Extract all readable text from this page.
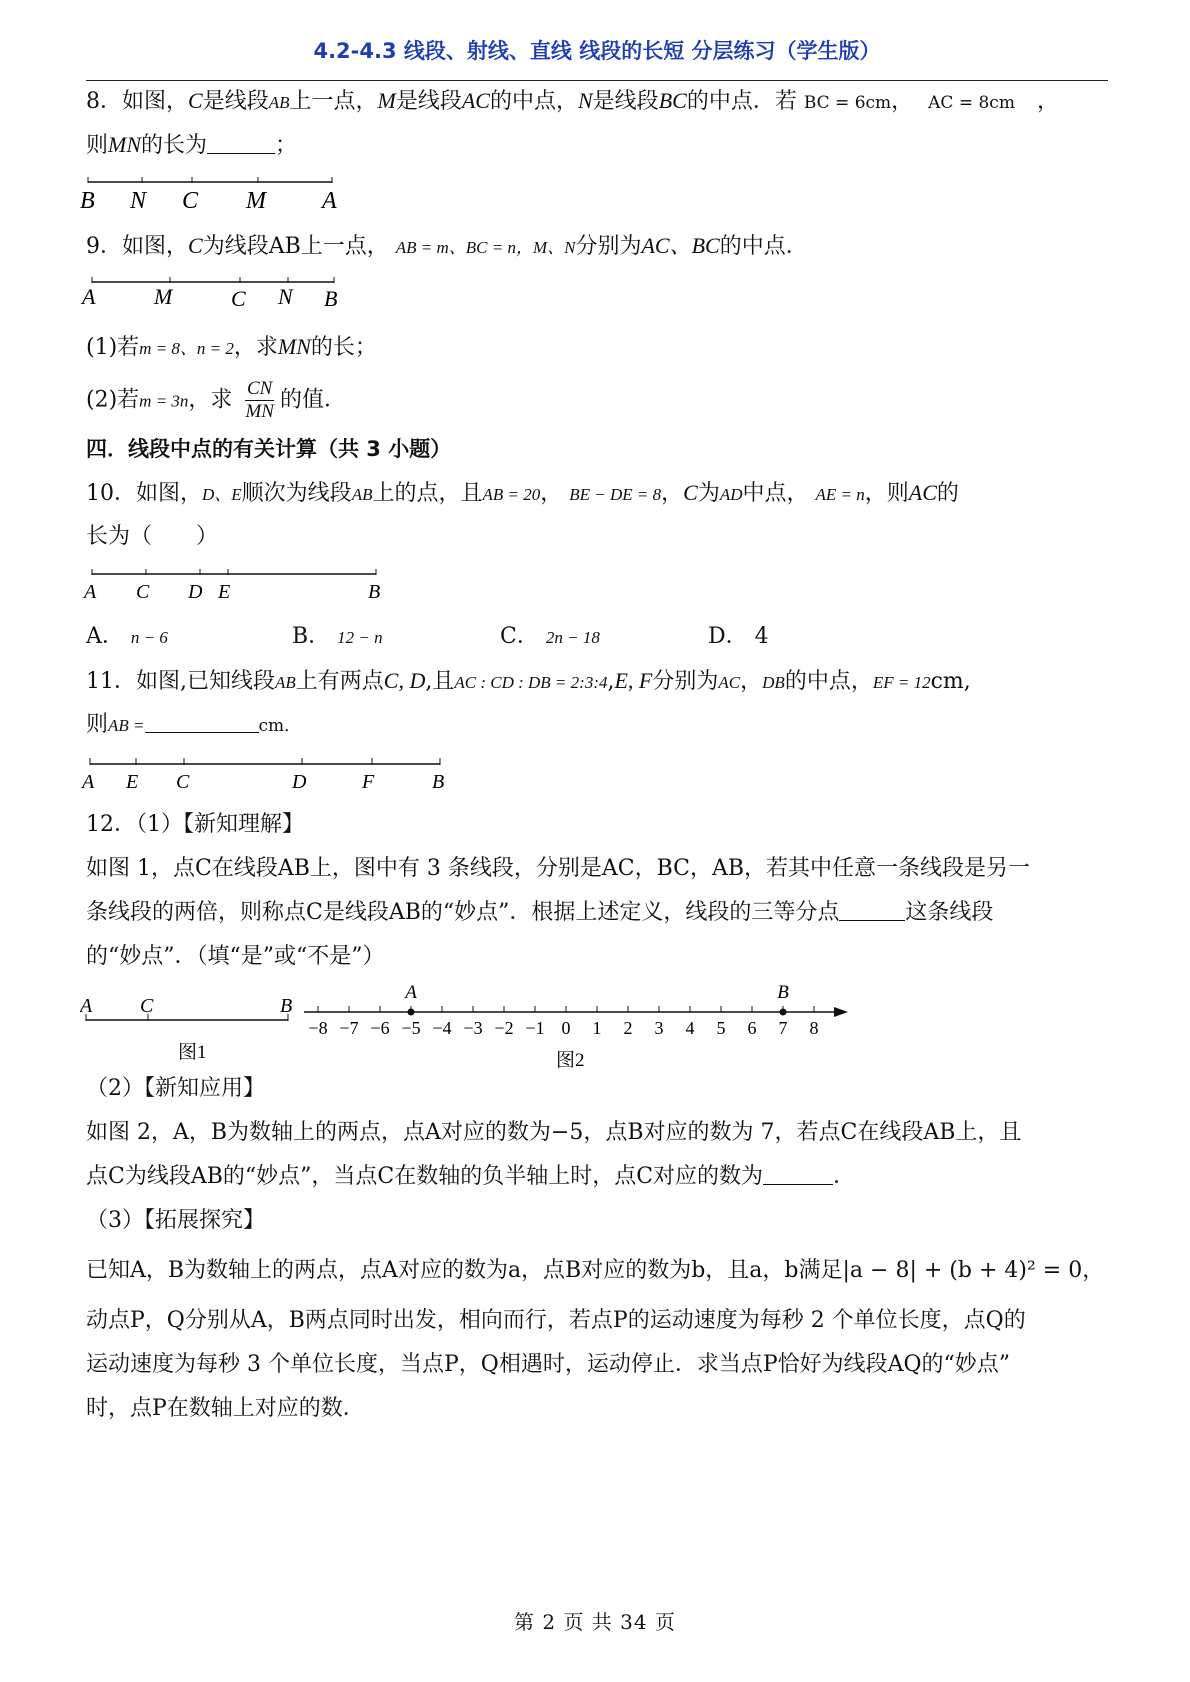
4.2-4.3 线段、射线、直线 线段的长短 分层练习（学生版）
8．如图，C是线段AB上一点，M是线段AC的中点，N是线段BC的中点．若 BC = 6cm， AC = 8cm　，
则MN的长为	；
B N C M A
9．如图，C为线段AB上一点， AB = m、BC = n，M、N分别为AC、BC的中点．
A	M	C N B
(1)若m = 8、n = 2，求MN的长；
(2)若m = 3n，求 $\frac{CN}{MN}$ 的值．
四．线段中点的有关计算（共 3 小题）
10．如图，D、E顺次为线段AB上的点，且AB = 20， BE − DE = 8，C为AD中点， AE = n，则AC的
长为（　　）
A C D E	B
A． n − 6	B． 12 − n	C． 2n − 18	D． 4
11．如图,已知线段AB上有两点C, D,且AC : CD : DB = 2:3:4,E, F分别为AC，DB的中点，EF = 12cm,
则AB =	cm．
A E C	D	F	B
12．（1）【新知理解】
如图 1，点C在线段AB上，图中有 3 条线段，分别是AC，BC，AB，若其中任意一条线段是另一
条线段的两倍，则称点C是线段AB的“妙点”．根据上述定义，线段的三等分点	这条线段
的“妙点”．（填“是”或“不是”）
A C	B
图1
−8 −7 −6 −5 −4 −3 −2 −1 0 1 2 3 4 5 6 7 8
A	B
图2
（2）【新知应用】
如图 2，A，B为数轴上的两点，点A对应的数为−5，点B对应的数为 7，若点C在线段AB上，且
点C为线段AB的“妙点”，当点C在数轴的负半轴上时，点C对应的数为	．
（3）【拓展探究】
已知A，B为数轴上的两点，点A对应的数为a，点B对应的数为b，且a，b满足|a − 8| + (b + 4)² = 0，
动点P，Q分别从A，B两点同时出发，相向而行，若点P的运动速度为每秒 2 个单位长度，点Q的
运动速度为每秒 3 个单位长度，当点P，Q相遇时，运动停止．求当点P恰好为线段AQ的“妙点”
时，点P在数轴上对应的数．
第 2 页 共 34 页
